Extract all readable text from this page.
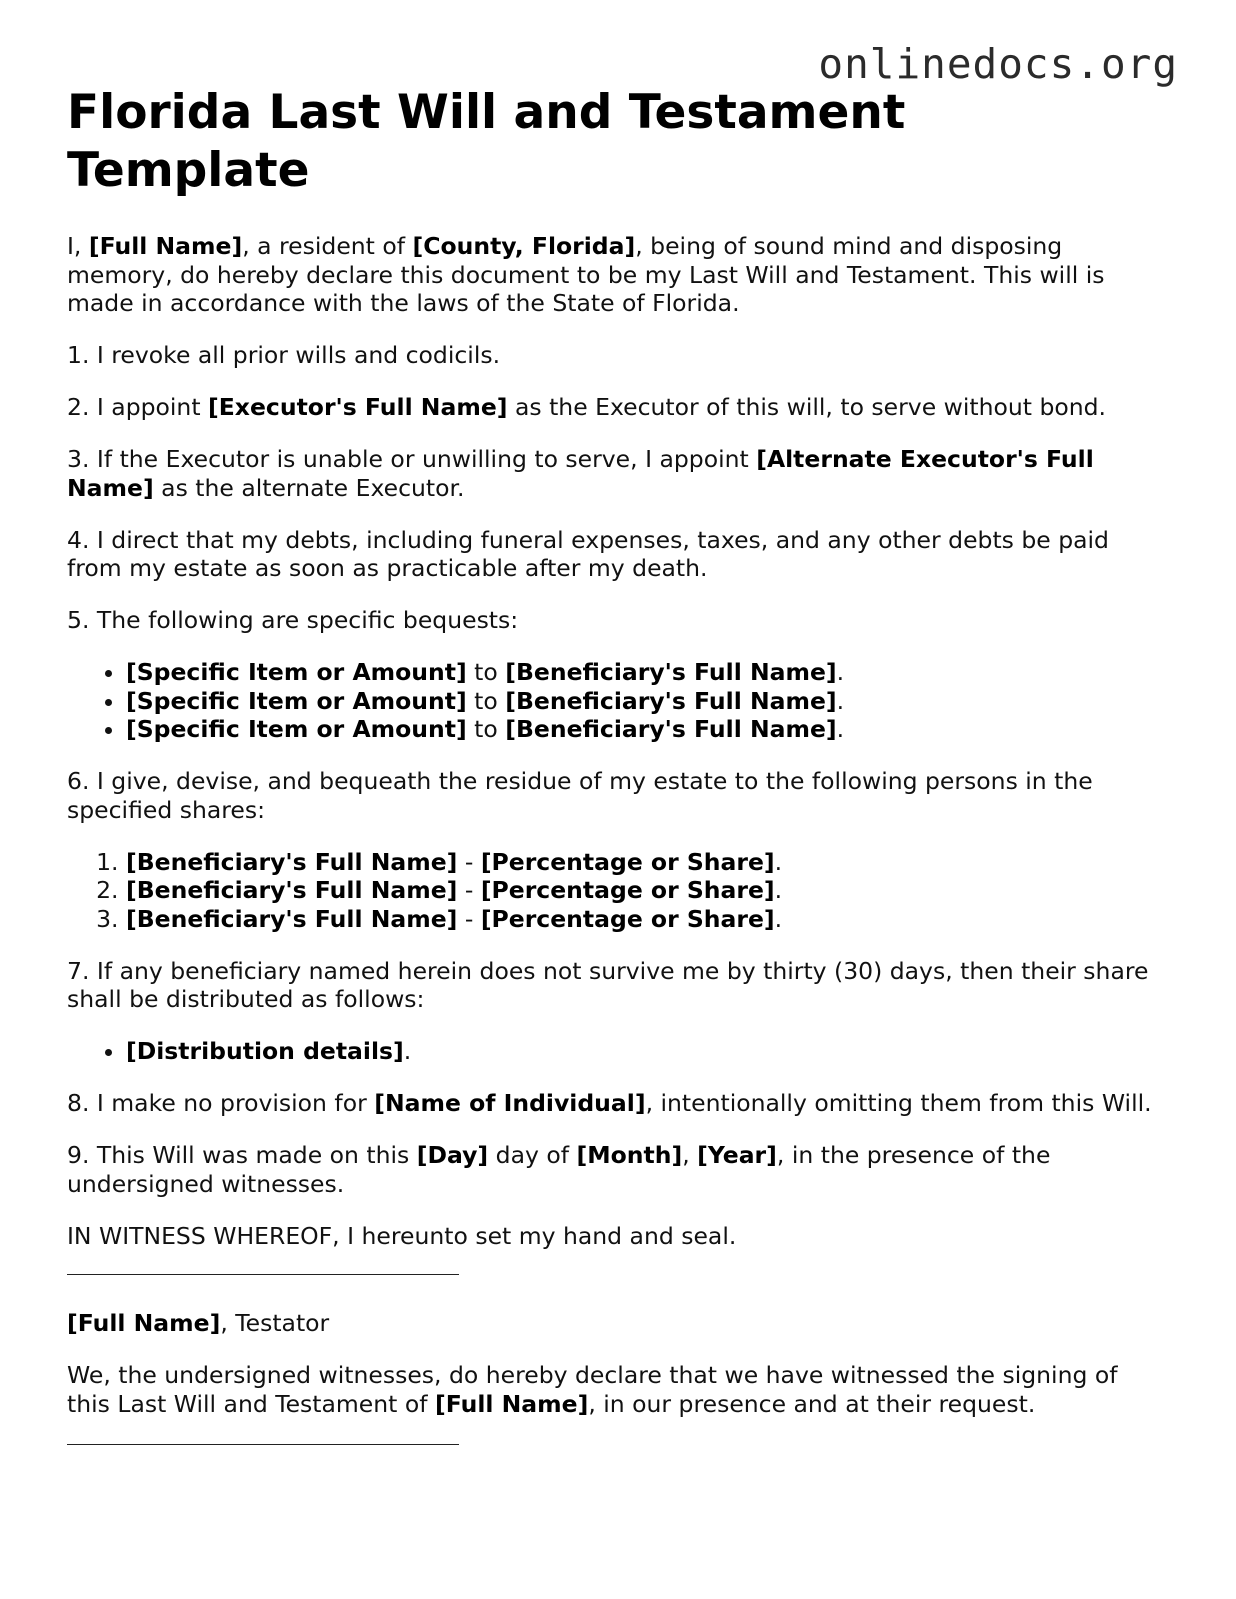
onlinedocs.org
Florida Last Will and Testament Template

I, [Full Name], a resident of [County, Florida], being of sound mind and disposing memory, do hereby declare this document to be my Last Will and Testament. This will is made in accordance with the laws of the State of Florida.

1. I revoke all prior wills and codicils.

2. I appoint [Executor's Full Name] as the Executor of this will, to serve without bond.

3. If the Executor is unable or unwilling to serve, I appoint [Alternate Executor's Full Name] as the alternate Executor.

4. I direct that my debts, including funeral expenses, taxes, and any other debts be paid from my estate as soon as practicable after my death.

5. The following are specific bequests:

• [Specific Item or Amount] to [Beneficiary's Full Name].
• [Specific Item or Amount] to [Beneficiary's Full Name].
• [Specific Item or Amount] to [Beneficiary's Full Name].

6. I give, devise, and bequeath the residue of my estate to the following persons in the specified shares:

1. [Beneficiary's Full Name] - [Percentage or Share].
2. [Beneficiary's Full Name] - [Percentage or Share].
3. [Beneficiary's Full Name] - [Percentage or Share].

7. If any beneficiary named herein does not survive me by thirty (30) days, then their share shall be distributed as follows:

• [Distribution details].

8. I make no provision for [Name of Individual], intentionally omitting them from this Will.

9. This Will was made on this [Day] day of [Month], [Year], in the presence of the undersigned witnesses.

IN WITNESS WHEREOF, I hereunto set my hand and seal.

[Full Name], Testator

We, the undersigned witnesses, do hereby declare that we have witnessed the signing of this Last Will and Testament of [Full Name], in our presence and at their request.
